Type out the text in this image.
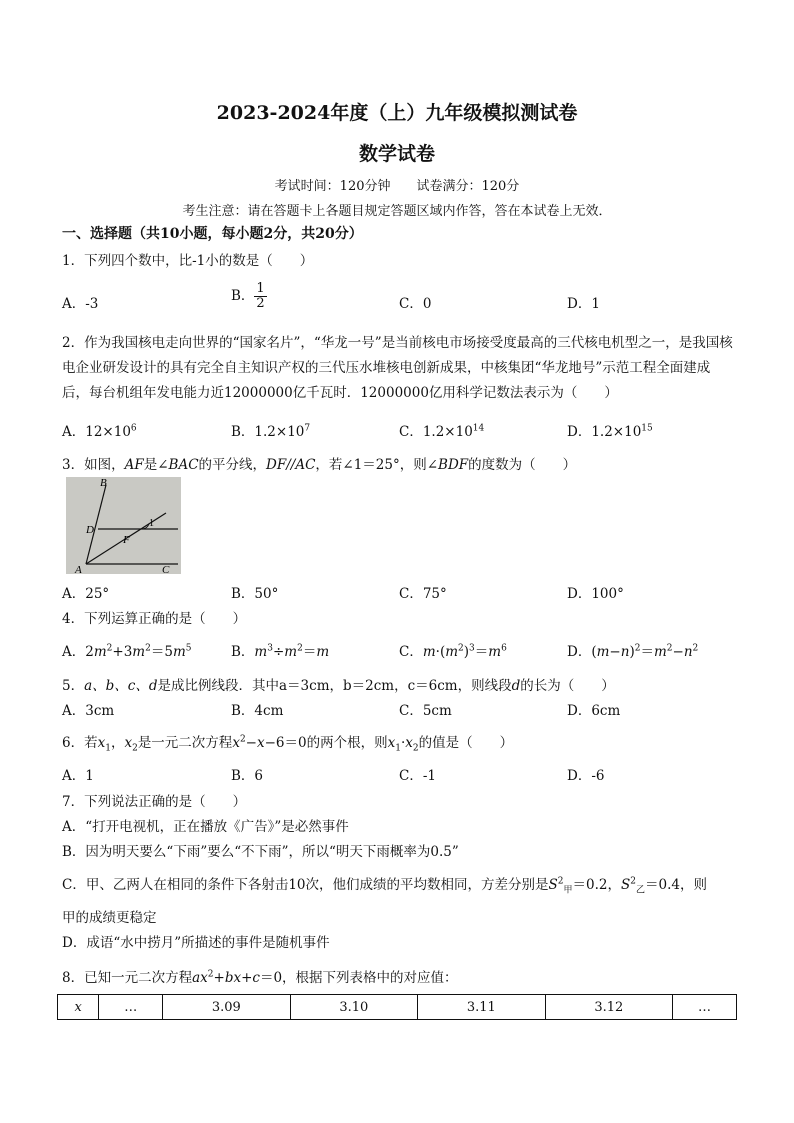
2023-2024年度（上）九年级模拟测试卷
数学试卷
考试时间：120分钟　　试卷满分：120分
考生注意：请在答题卡上各题目规定答题区域内作答，答在本试卷上无效．
一、选择题（共10小题，每小题2分，共20分）
1．下列四个数中，比-1小的数是（　　）
A．-3	B． $\frac{1}{2}$	C．0	D．1
2．作为我国核电走向世界的“国家名片”，“华龙一号”是当前核电市场接受度最高的三代核电机型之一，是我国核电企业研发设计的具有完全自主知识产权的三代压水堆核电创新成果，中核集团“华龙地号”示范工程全面建成后，每台机组年发电能力近12000000亿千瓦时．12000000亿用科学记数法表示为（　　）
A．$12\times 10^6$	B．$1.2\times 10^7$	C．$1.2\times 10^{14}$	D．$1.2\times 10^{15}$
3．如图，AF是∠BAC的平分线，DF//AC，若∠1＝25°，则∠BDF的度数为（　　）
B
D
F
1
A	C
A．25°	B．50°	C．75°	D．100°
4．下列运算正确的是（　　）
A．$2m^2+3m^2=5m^5$	B．$m^3\div m^2=m$	C．$m\cdot(m^2)^3=m^6$	D．$(m-n)^2=m^2-n^2$
5．a、b、c、d是成比例线段．其中a＝3cm，b＝2cm，c＝6cm，则线段d的长为（　　）
A．3cm	B．4cm	C．5cm	D．6cm
6．若$x_1$，$x_2$是一元二次方程$x^2-x-6=0$的两个根，则$x_1\cdot x_2$的值是（　　）
A．1	B．6	C．-1	D．-6
7．下列说法正确的是（　　）
A．“打开电视机，正在播放《广告》”是必然事件
B．因为明天要么“下雨”要么“不下雨”，所以“明天下雨概率为0.5”
C．甲、乙两人在相同的条件下各射击10次，他们成绩的平均数相同，方差分别是$S^2_甲=0.2$，$S^2_乙=0.4$，则
甲的成绩更稳定
D．成语“水中捞月”所描述的事件是随机事件
8．已知一元二次方程$ax^2+bx+c=0$，根据下列表格中的对应值：
x	…	3.09	3.10	3.11	3.12	…
